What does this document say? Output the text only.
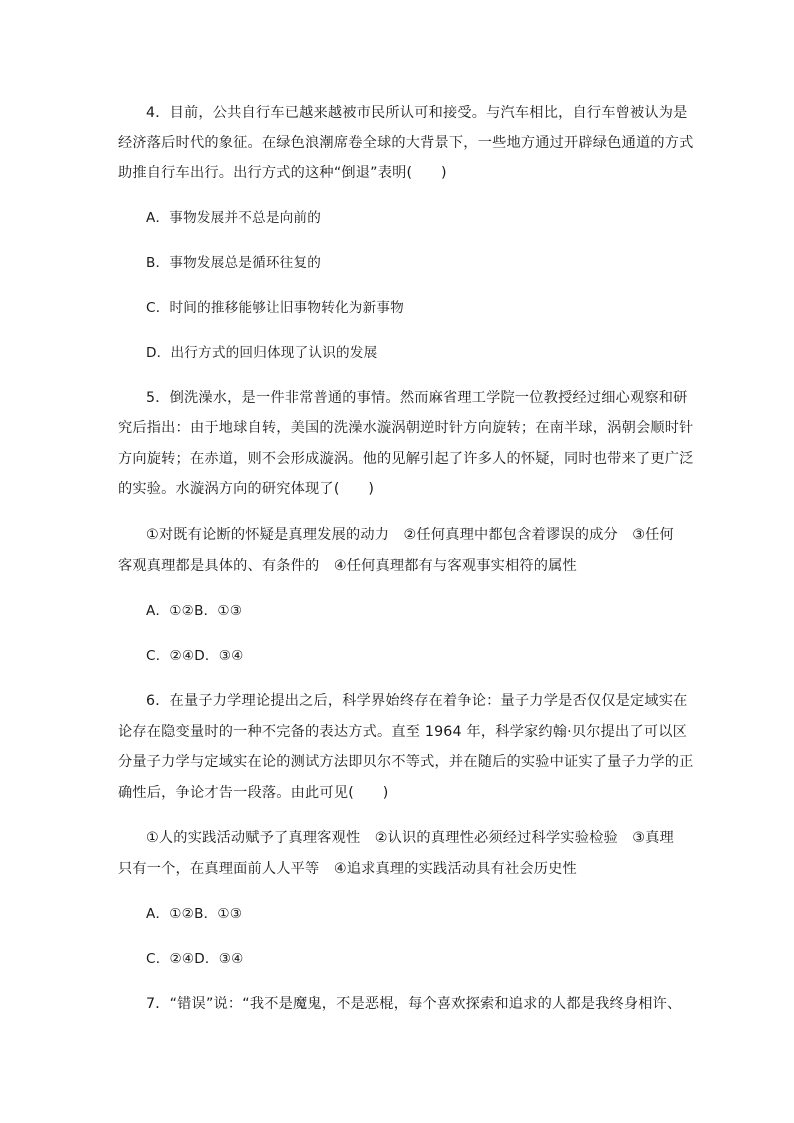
4．目前，公共自行车已越来越被市民所认可和接受。与汽车相比，自行车曾被认为是
经济落后时代的象征。在绿色浪潮席卷全球的大背景下，一些地方通过开辟绿色通道的方式
助推自行车出行。出行方式的这种“倒退”表明(　　)
A．事物发展并不总是向前的
B．事物发展总是循环往复的
C．时间的推移能够让旧事物转化为新事物
D．出行方式的回归体现了认识的发展
5．倒洗澡水，是一件非常普通的事情。然而麻省理工学院一位教授经过细心观察和研
究后指出：由于地球自转，美国的洗澡水漩涡朝逆时针方向旋转；在南半球，涡朝会顺时针
方向旋转；在赤道，则不会形成漩涡。他的见解引起了许多人的怀疑，同时也带来了更广泛
的实验。水漩涡方向的研究体现了(　　)
①对既有论断的怀疑是真理发展的动力　②任何真理中都包含着谬误的成分　③任何
客观真理都是具体的、有条件的　④任何真理都有与客观事实相符的属性
A．①②B．①③
C．②④D．③④
6．在量子力学理论提出之后，科学界始终存在着争论：量子力学是否仅仅是定域实在
论存在隐变量时的一种不完备的表达方式。直至 1964 年，科学家约翰·贝尔提出了可以区
分量子力学与定域实在论的测试方法即贝尔不等式，并在随后的实验中证实了量子力学的正
确性后，争论才告一段落。由此可见(　　)
①人的实践活动赋予了真理客观性　②认识的真理性必须经过科学实验检验　③真理
只有一个，在真理面前人人平等　④追求真理的实践活动具有社会历史性
A．①②B．①③
C．②④D．③④
7．“错误”说：“我不是魔鬼，不是恶棍，每个喜欢探索和追求的人都是我终身相许、
